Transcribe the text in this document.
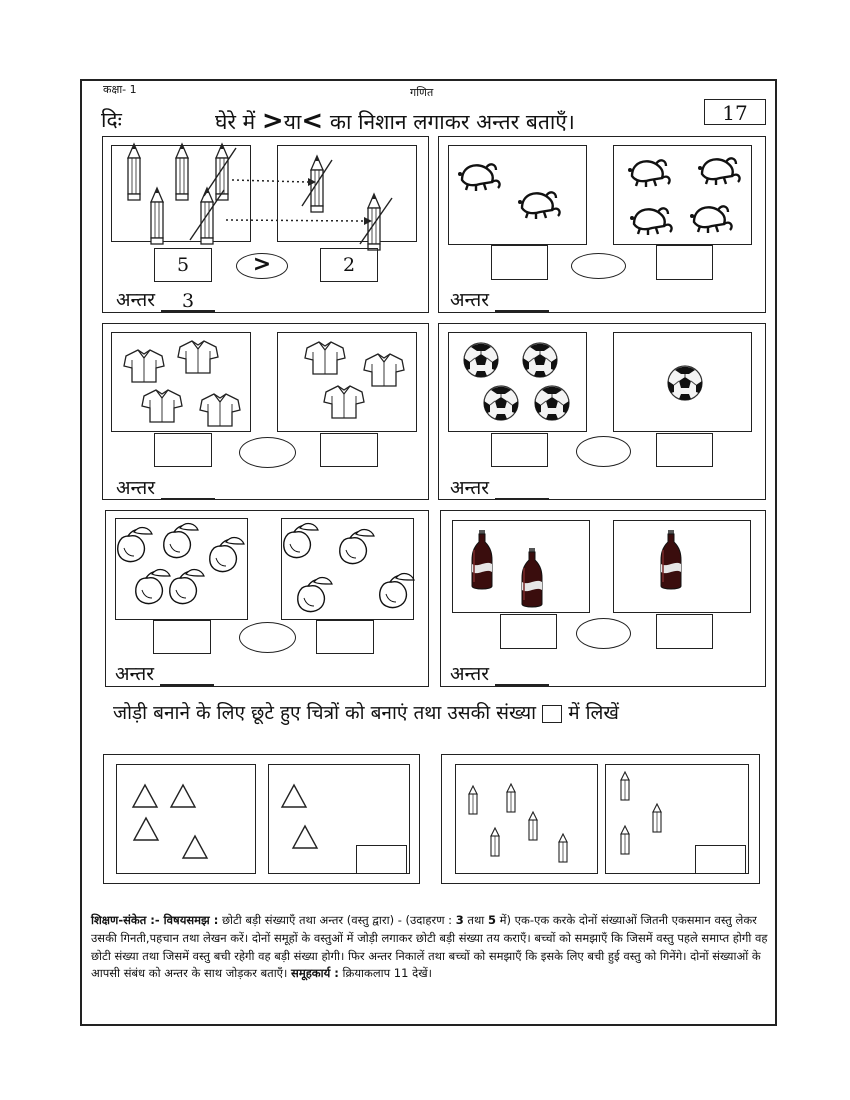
कक्षा- 1	गणित
दिः	घेरे में >या< का निशान लगाकर अन्तर बताएँ।	17
5	>	2
अन्तर 3	अन्तर
अन्तर	अन्तर
अन्तर	अन्तर
जोड़ी बनाने के लिए छूटे हुए चित्रों को बनाएं तथा उसकी संख्या में लिखें
शिक्षण-संकेत :- विषयसमझ : छोटी बड़ी संख्याएँ तथा अन्तर (वस्तु द्वारा) - (उदाहरण : 3 तथा 5 में) एक-एक करके दोनों संख्याओं जितनी एकसमान वस्तु लेकर उसकी गिनती,पहचान तथा लेखन करें। दोनों समूहों के वस्तुओं में जोड़ी लगाकर छोटी बड़ी संख्या तय कराएँ। बच्चों को समझाएँ कि जिसमें वस्तु पहले समाप्त होगी वह छोटी संख्या तथा जिसमें वस्तु बची रहेगी वह बड़ी संख्या होगी। फिर अन्तर निकालें तथा बच्चों को समझाएँ कि इसके लिए बची हुई वस्तु को गिनेंगे। दोनों संख्याओं के आपसी संबंध को अन्तर के साथ जोड़कर बताएँ। समूहकार्य : क्रियाकलाप 11 देखें।
